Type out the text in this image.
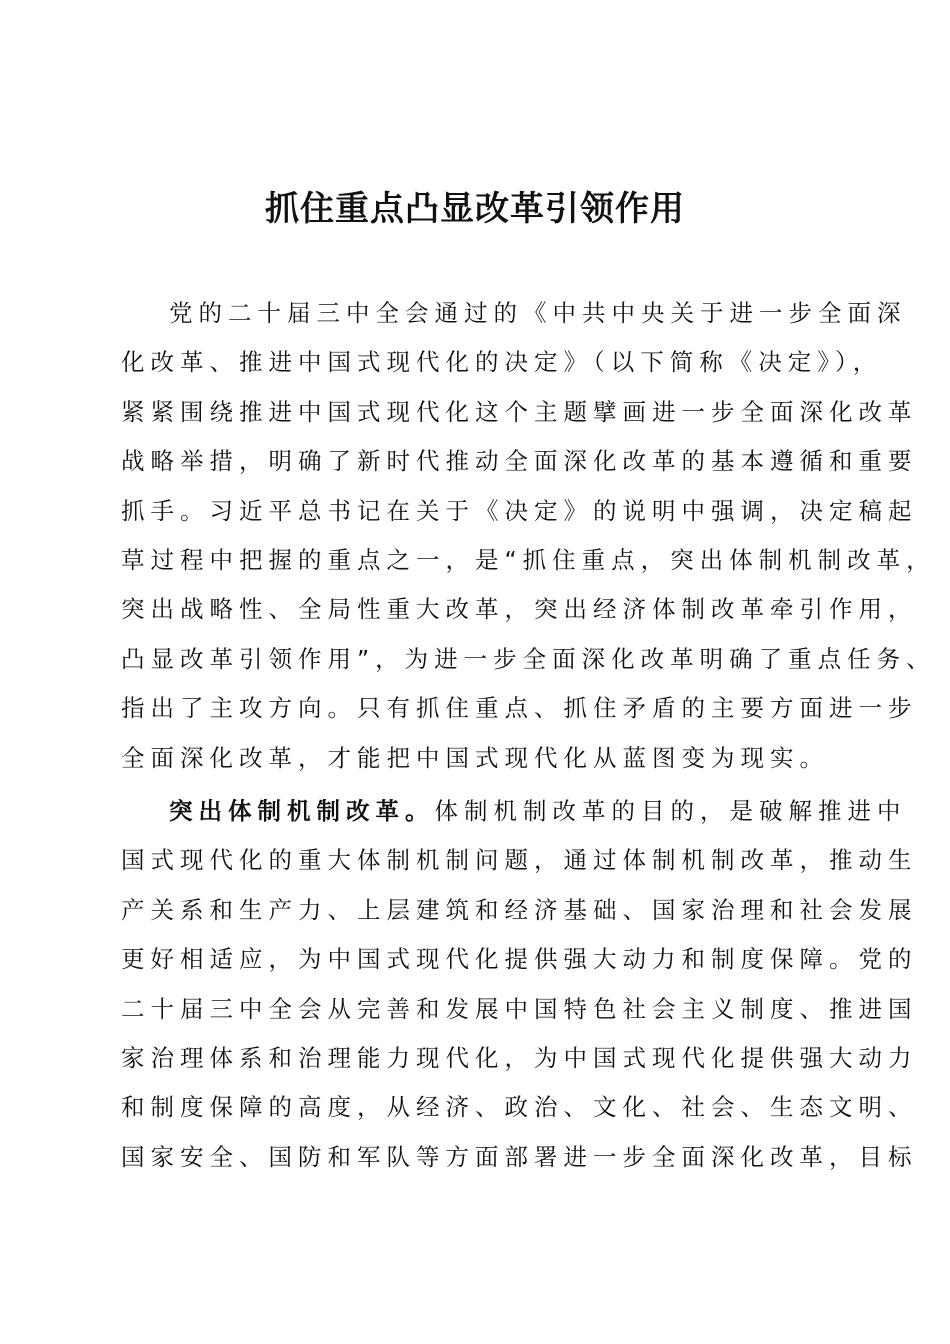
抓住重点凸显改革引领作用
党的二十届三中全会通过的《中共中央关于进一步全面深
化改革、推进中国式现代化的决定》（以下简称《决定》），
紧紧围绕推进中国式现代化这个主题擘画进一步全面深化改革
战略举措，明确了新时代推动全面深化改革的基本遵循和重要
抓手。习近平总书记在关于《决定》的说明中强调，决定稿起
草过程中把握的重点之一，是“抓住重点，突出体制机制改革，
突出战略性、全局性重大改革，突出经济体制改革牵引作用，
凸显改革引领作用”，为进一步全面深化改革明确了重点任务、
指出了主攻方向。只有抓住重点、抓住矛盾的主要方面进一步
全面深化改革，才能把中国式现代化从蓝图变为现实。
突出体制机制改革。体制机制改革的目的，是破解推进中
国式现代化的重大体制机制问题，通过体制机制改革，推动生
产关系和生产力、上层建筑和经济基础、国家治理和社会发展
更好相适应，为中国式现代化提供强大动力和制度保障。党的
二十届三中全会从完善和发展中国特色社会主义制度、推进国
家治理体系和治理能力现代化，为中国式现代化提供强大动力
和制度保障的高度，从经济、政治、文化、社会、生态文明、
国家安全、国防和军队等方面部署进一步全面深化改革，目标
